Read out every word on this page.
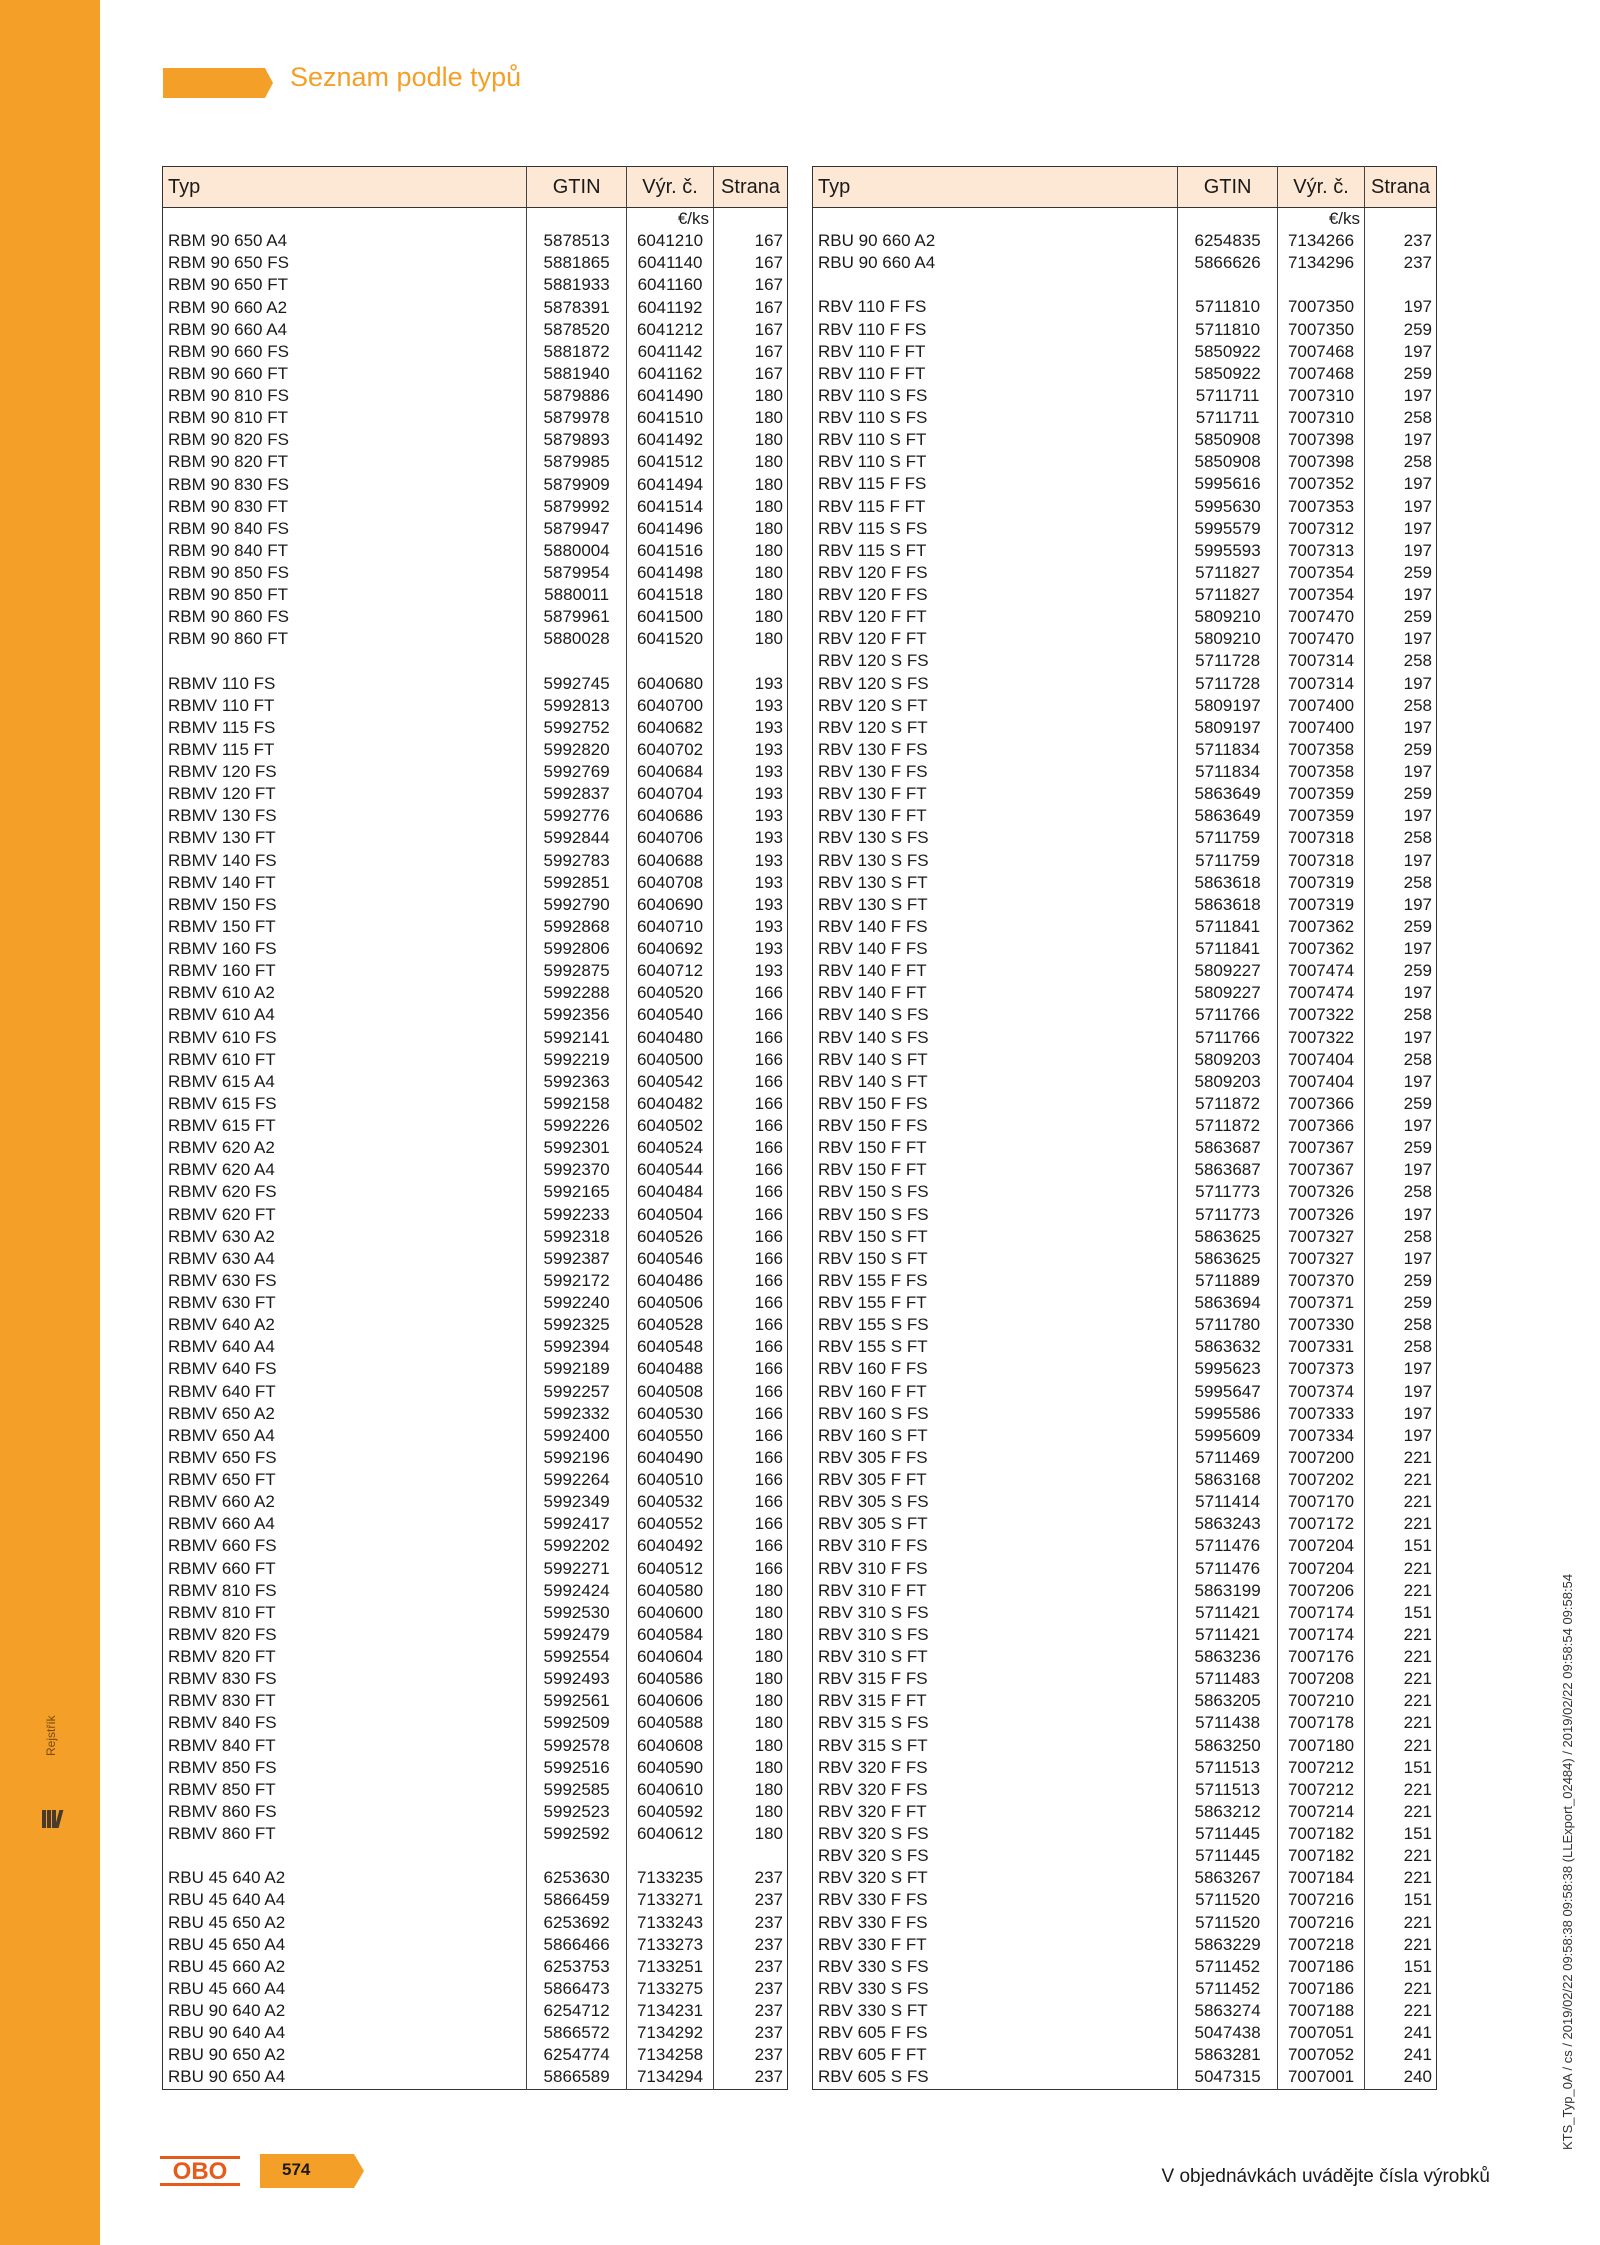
Rejstřík
Seznam podle typů
Typ	GTIN	Výr. č.	Strana
		€/ks	
RBM 90 650 A4	5878513	6041210	167
RBM 90 650 FS	5881865	6041140	167
RBM 90 650 FT	5881933	6041160	167
RBM 90 660 A2	5878391	6041192	167
RBM 90 660 A4	5878520	6041212	167
RBM 90 660 FS	5881872	6041142	167
RBM 90 660 FT	5881940	6041162	167
RBM 90 810 FS	5879886	6041490	180
RBM 90 810 FT	5879978	6041510	180
RBM 90 820 FS	5879893	6041492	180
RBM 90 820 FT	5879985	6041512	180
RBM 90 830 FS	5879909	6041494	180
RBM 90 830 FT	5879992	6041514	180
RBM 90 840 FS	5879947	6041496	180
RBM 90 840 FT	5880004	6041516	180
RBM 90 850 FS	5879954	6041498	180
RBM 90 850 FT	5880011	6041518	180
RBM 90 860 FS	5879961	6041500	180
RBM 90 860 FT	5880028	6041520	180

RBMV 110 FS	5992745	6040680	193
RBMV 110 FT	5992813	6040700	193
RBMV 115 FS	5992752	6040682	193
RBMV 115 FT	5992820	6040702	193
RBMV 120 FS	5992769	6040684	193
RBMV 120 FT	5992837	6040704	193
RBMV 130 FS	5992776	6040686	193
RBMV 130 FT	5992844	6040706	193
RBMV 140 FS	5992783	6040688	193
RBMV 140 FT	5992851	6040708	193
RBMV 150 FS	5992790	6040690	193
RBMV 150 FT	5992868	6040710	193
RBMV 160 FS	5992806	6040692	193
RBMV 160 FT	5992875	6040712	193
RBMV 610 A2	5992288	6040520	166
RBMV 610 A4	5992356	6040540	166
RBMV 610 FS	5992141	6040480	166
RBMV 610 FT	5992219	6040500	166
RBMV 615 A4	5992363	6040542	166
RBMV 615 FS	5992158	6040482	166
RBMV 615 FT	5992226	6040502	166
RBMV 620 A2	5992301	6040524	166
RBMV 620 A4	5992370	6040544	166
RBMV 620 FS	5992165	6040484	166
RBMV 620 FT	5992233	6040504	166
RBMV 630 A2	5992318	6040526	166
RBMV 630 A4	5992387	6040546	166
RBMV 630 FS	5992172	6040486	166
RBMV 630 FT	5992240	6040506	166
RBMV 640 A2	5992325	6040528	166
RBMV 640 A4	5992394	6040548	166
RBMV 640 FS	5992189	6040488	166
RBMV 640 FT	5992257	6040508	166
RBMV 650 A2	5992332	6040530	166
RBMV 650 A4	5992400	6040550	166
RBMV 650 FS	5992196	6040490	166
RBMV 650 FT	5992264	6040510	166
RBMV 660 A2	5992349	6040532	166
RBMV 660 A4	5992417	6040552	166
RBMV 660 FS	5992202	6040492	166
RBMV 660 FT	5992271	6040512	166
RBMV 810 FS	5992424	6040580	180
RBMV 810 FT	5992530	6040600	180
RBMV 820 FS	5992479	6040584	180
RBMV 820 FT	5992554	6040604	180
RBMV 830 FS	5992493	6040586	180
RBMV 830 FT	5992561	6040606	180
RBMV 840 FS	5992509	6040588	180
RBMV 840 FT	5992578	6040608	180
RBMV 850 FS	5992516	6040590	180
RBMV 850 FT	5992585	6040610	180
RBMV 860 FS	5992523	6040592	180
RBMV 860 FT	5992592	6040612	180

RBU 45 640 A2	6253630	7133235	237
RBU 45 640 A4	5866459	7133271	237
RBU 45 650 A2	6253692	7133243	237
RBU 45 650 A4	5866466	7133273	237
RBU 45 660 A2	6253753	7133251	237
RBU 45 660 A4	5866473	7133275	237
RBU 90 640 A2	6254712	7134231	237
RBU 90 640 A4	5866572	7134292	237
RBU 90 650 A2	6254774	7134258	237
RBU 90 650 A4	5866589	7134294	237
Typ	GTIN	Výr. č.	Strana
		€/ks	
RBU 90 660 A2	6254835	7134266	237
RBU 90 660 A4	5866626	7134296	237

RBV 110 F FS	5711810	7007350	197
RBV 110 F FS	5711810	7007350	259
RBV 110 F FT	5850922	7007468	197
RBV 110 F FT	5850922	7007468	259
RBV 110 S FS	5711711	7007310	197
RBV 110 S FS	5711711	7007310	258
RBV 110 S FT	5850908	7007398	197
RBV 110 S FT	5850908	7007398	258
RBV 115 F FS	5995616	7007352	197
RBV 115 F FT	5995630	7007353	197
RBV 115 S FS	5995579	7007312	197
RBV 115 S FT	5995593	7007313	197
RBV 120 F FS	5711827	7007354	259
RBV 120 F FS	5711827	7007354	197
RBV 120 F FT	5809210	7007470	259
RBV 120 F FT	5809210	7007470	197
RBV 120 S FS	5711728	7007314	258
RBV 120 S FS	5711728	7007314	197
RBV 120 S FT	5809197	7007400	258
RBV 120 S FT	5809197	7007400	197
RBV 130 F FS	5711834	7007358	259
RBV 130 F FS	5711834	7007358	197
RBV 130 F FT	5863649	7007359	259
RBV 130 F FT	5863649	7007359	197
RBV 130 S FS	5711759	7007318	258
RBV 130 S FS	5711759	7007318	197
RBV 130 S FT	5863618	7007319	258
RBV 130 S FT	5863618	7007319	197
RBV 140 F FS	5711841	7007362	259
RBV 140 F FS	5711841	7007362	197
RBV 140 F FT	5809227	7007474	259
RBV 140 F FT	5809227	7007474	197
RBV 140 S FS	5711766	7007322	258
RBV 140 S FS	5711766	7007322	197
RBV 140 S FT	5809203	7007404	258
RBV 140 S FT	5809203	7007404	197
RBV 150 F FS	5711872	7007366	259
RBV 150 F FS	5711872	7007366	197
RBV 150 F FT	5863687	7007367	259
RBV 150 F FT	5863687	7007367	197
RBV 150 S FS	5711773	7007326	258
RBV 150 S FS	5711773	7007326	197
RBV 150 S FT	5863625	7007327	258
RBV 150 S FT	5863625	7007327	197
RBV 155 F FS	5711889	7007370	259
RBV 155 F FT	5863694	7007371	259
RBV 155 S FS	5711780	7007330	258
RBV 155 S FT	5863632	7007331	258
RBV 160 F FS	5995623	7007373	197
RBV 160 F FT	5995647	7007374	197
RBV 160 S FS	5995586	7007333	197
RBV 160 S FT	5995609	7007334	197
RBV 305 F FS	5711469	7007200	221
RBV 305 F FT	5863168	7007202	221
RBV 305 S FS	5711414	7007170	221
RBV 305 S FT	5863243	7007172	221
RBV 310 F FS	5711476	7007204	151
RBV 310 F FS	5711476	7007204	221
RBV 310 F FT	5863199	7007206	221
RBV 310 S FS	5711421	7007174	151
RBV 310 S FS	5711421	7007174	221
RBV 310 S FT	5863236	7007176	221
RBV 315 F FS	5711483	7007208	221
RBV 315 F FT	5863205	7007210	221
RBV 315 S FS	5711438	7007178	221
RBV 315 S FT	5863250	7007180	221
RBV 320 F FS	5711513	7007212	151
RBV 320 F FS	5711513	7007212	221
RBV 320 F FT	5863212	7007214	221
RBV 320 S FS	5711445	7007182	151
RBV 320 S FS	5711445	7007182	221
RBV 320 S FT	5863267	7007184	221
RBV 330 F FS	5711520	7007216	151
RBV 330 F FS	5711520	7007216	221
RBV 330 F FT	5863229	7007218	221
RBV 330 S FS	5711452	7007186	151
RBV 330 S FS	5711452	7007186	221
RBV 330 S FT	5863274	7007188	221
RBV 605 F FS	5047438	7007051	241
RBV 605 F FT	5863281	7007052	241
RBV 605 S FS	5047315	7007001	240	KTS_Typ_0A / cs / 2019/02/22 09:58:38 09:58:38 (LLExport_02484) / 2019/02/22 09:58:54 09:58:54
OBO	574	V objednávkách uvádějte čísla výrobků
